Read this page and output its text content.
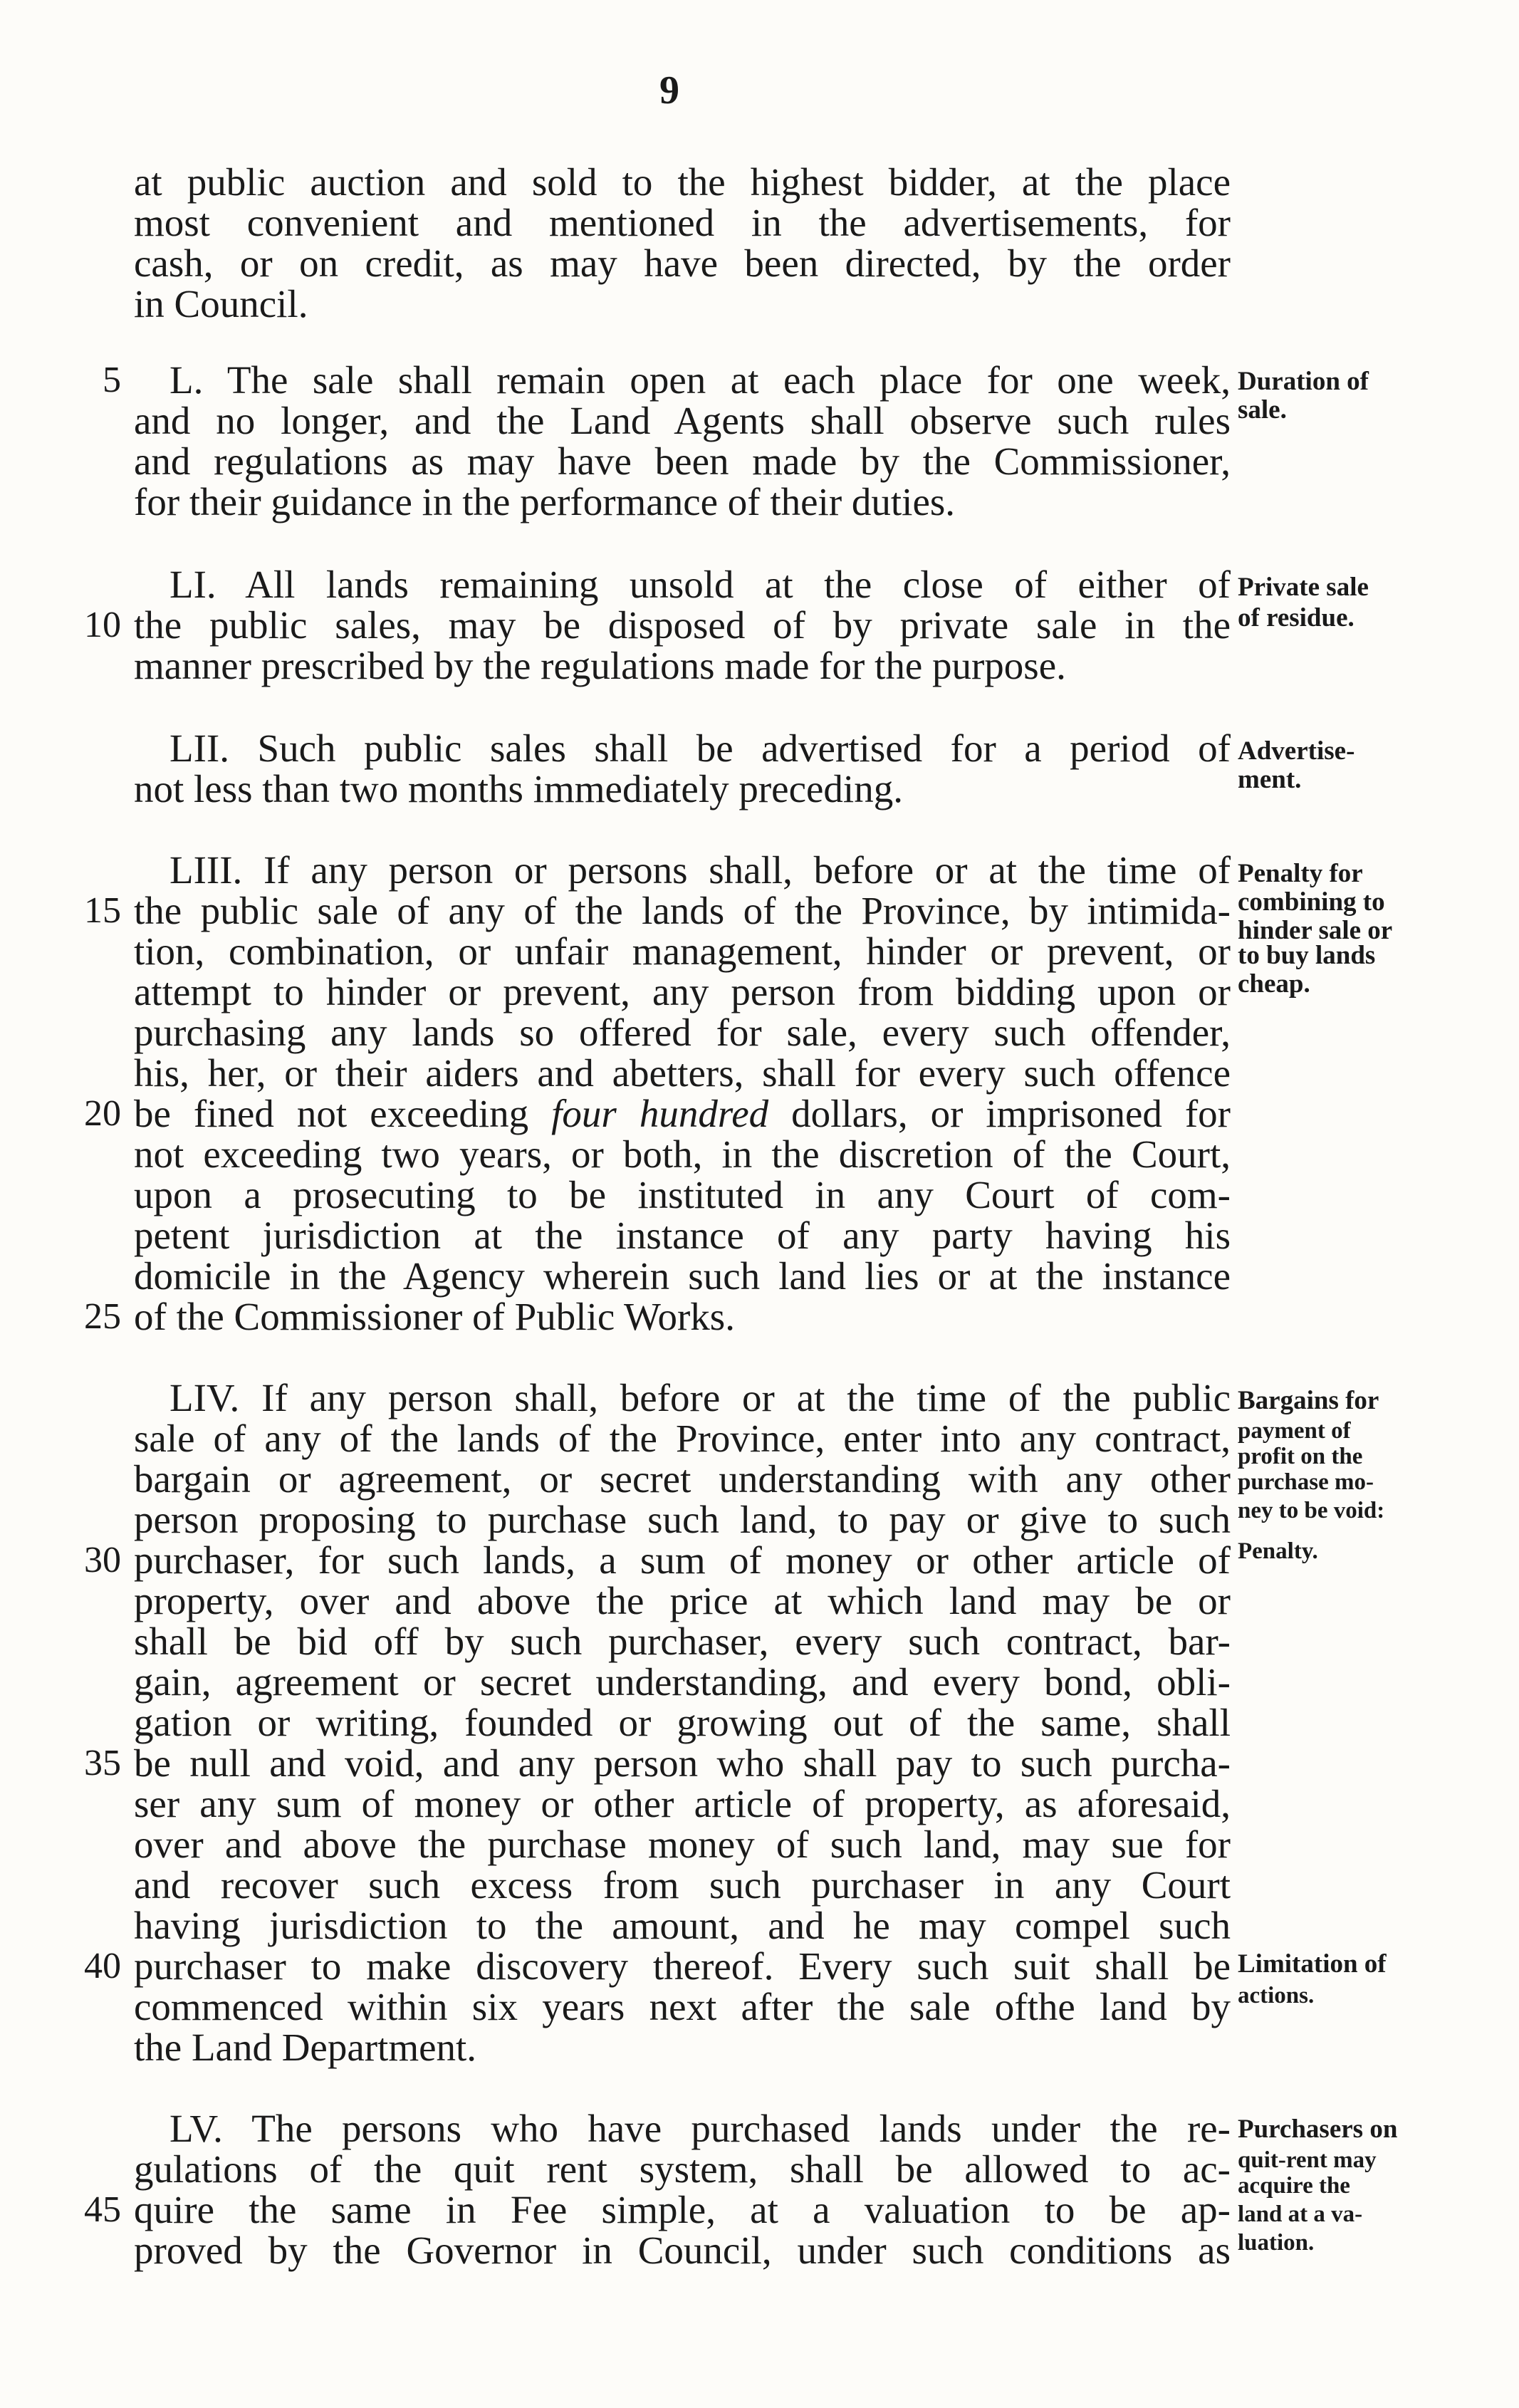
9
at public auction and sold to the highest bidder, at the place
most convenient and mentioned in the advertisements, for
cash, or on credit, as may have been directed, by the order
in Council.
5	L. The sale shall remain open at each place for one week,
and no longer, and the Land Agents shall observe such rules
and regulations as may have been made by the Commissioner,
for their guidance in the performance of their duties.
Duration of
sale.
LI. All lands remaining unsold at the close of either of
10 the public sales, may be disposed of by private sale in the
manner prescribed by the regulations made for the purpose.
Private sale
of residue.
LII. Such public sales shall be advertised for a period of
not less than two months immediately preceding.
Advertise-
ment.
LIII. If any person or persons shall, before or at the time of
15 the public sale of any of the lands of the Province, by intimida-
tion, combination, or unfair management, hinder or prevent, or
attempt to hinder or prevent, any person from bidding upon or
purchasing any lands so offered for sale, every such offender,
his, her, or their aiders and abetters, shall for every such offence
20 be fined not exceeding four hundred dollars, or imprisoned for
not exceeding two years, or both, in the discretion of the Court,
upon a prosecuting to be instituted in any Court of com-
petent jurisdiction at the instance of any party having his
domicile in the Agency wherein such land lies or at the instance
25 of the Commissioner of Public Works.
Penalty for
combining to
hinder sale or
to buy lands
cheap.
LIV. If any person shall, before or at the time of the public
sale of any of the lands of the Province, enter into any contract,
bargain or agreement, or secret understanding with any other
person proposing to purchase such land, to pay or give to such
30 purchaser, for such lands, a sum of money or other article of
property, over and above the price at which land may be or
shall be bid off by such purchaser, every such contract, bar-
gain, agreement or secret understanding, and every bond, obli-
gation or writing, founded or growing out of the same, shall
35 be null and void, and any person who shall pay to such purcha-
ser any sum of money or other article of property, as aforesaid,
over and above the purchase money of such land, may sue for
and recover such excess from such purchaser in any Court
having jurisdiction to the amount, and he may compel such
40 purchaser to make discovery thereof. Every such suit shall be
commenced within six years next after the sale ofthe land by
the Land Department.
Bargains for
payment of
profit on the
purchase mo-
ney to be void:
Penalty.
Limitation of
actions.
LV. The persons who have purchased lands under the re-
gulations of the quit rent system, shall be allowed to ac-
45 quire the same in Fee simple, at a valuation to be ap-
proved by the Governor in Council, under such conditions as
Purchasers on
quit-rent may
acquire the
land at a va-
luation.
